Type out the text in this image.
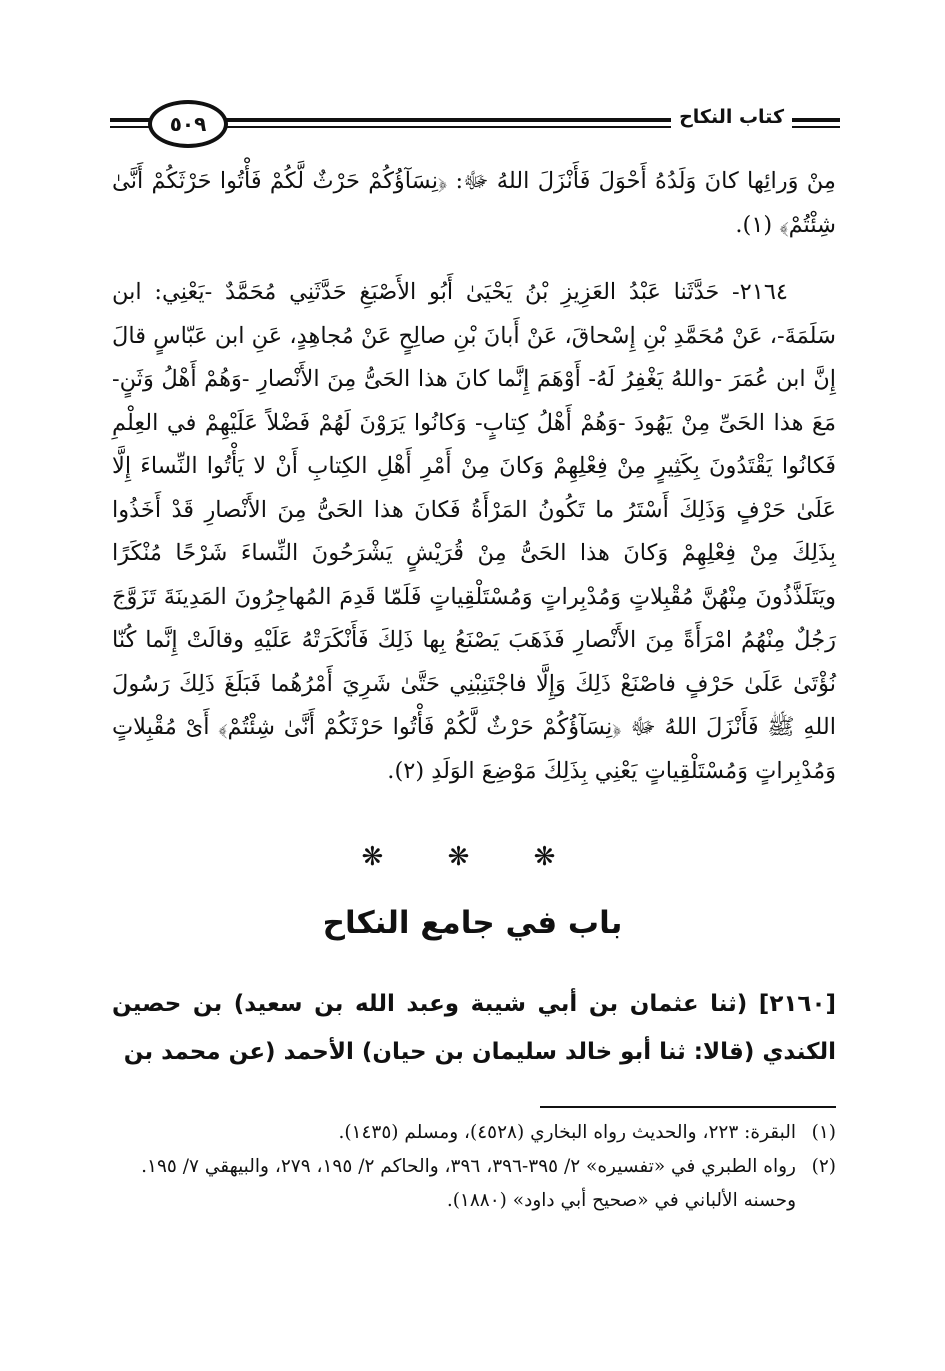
٥٠٩	كتاب النكاح

مِنْ وَرائِها كانَ وَلَدُهُ أَحْوَلَ فَأَنْزَلَ اللهُ ﷻ: ﴿نِسَآؤُكُمْ حَرْثٌ لَّكُمْ فَأْتُوا حَرْثَكُمْ أَنَّىٰ شِئْتُمْ﴾ (١).

٢١٦٤- حَدَّثَنا عَبْدُ العَزِيزِ بْنُ يَحْيَىٰ أَبُو الأَصْبَغِ حَدَّثَنِي مُحَمَّدٌ -يَعْنِي: ابن سَلَمَةَ-، عَنْ مُحَمَّدِ بْنِ إِسْحاقَ، عَنْ أَبانَ بْنِ صالِحٍ عَنْ مُجاهِدٍ، عَنِ ابن عَبّاسٍ قالَ إِنَّ ابن عُمَرَ -واللهُ يَغْفِرُ لَهُ- أَوْهَمَ إِنَّما كانَ هذا الحَىُّ مِنَ الأَنْصارِ -وَهُمْ أَهْلُ وَثَنٍ- مَعَ هذا الحَىِّ مِنْ يَهُودَ -وَهُمْ أَهْلُ كِتابٍ- وَكانُوا يَرَوْنَ لَهُمْ فَضْلاً عَلَيْهِمْ في العِلْمِ فَكانُوا يَقْتَدُونَ بِكَثِيرٍ مِنْ فِعْلِهِمْ وَكانَ مِنْ أَمْرِ أَهْلِ الكِتابِ أَنْ لا يَأْتُوا النِّساءَ إِلَّا عَلَىٰ حَرْفٍ وَذَلِكَ أَسْتَرُ ما تَكُونُ المَرْأَةُ فَكانَ هذا الحَىُّ مِنَ الأَنْصارِ قَدْ أَخَذُوا بِذَلِكَ مِنْ فِعْلِهِمْ وَكانَ هذا الحَىُّ مِنْ قُرَيْشٍ يَشْرَحُونَ النِّساءَ شَرْحًا مُنْكَرًا ويَتَلَذَّذُونَ مِنْهُنَّ مُقْبِلاتٍ وَمُدْبِراتٍ وَمُسْتَلْقِياتٍ فَلَمّا قَدِمَ المُهاجِرُونَ المَدِينَةَ تَزَوَّجَ رَجُلٌ مِنْهُمُ امْرَأَةً مِنَ الأَنْصارِ فَذَهَبَ يَصْنَعُ بِها ذَلِكَ فَأَنْكَرَتْهُ عَلَيْهِ وقالَتْ إِنَّما كُنّا نُؤْتَىٰ عَلَىٰ حَرْفٍ فاصْنَعْ ذَلِكَ وَإِلَّا فاجْتَنِبْنِي حَتَّىٰ شَرِيَ أَمْرُهُما فَبَلَغَ ذَلِكَ رَسُولَ اللهِ ﷺ فَأَنْزَلَ اللهُ ﷻ ﴿نِسَآؤُكُمْ حَرْثٌ لَّكُمْ فَأْتُوا حَرْثَكُمْ أَنَّىٰ شِئْتُمْ﴾ أَىْ مُقْبِلاتٍ وَمُدْبِراتٍ وَمُسْتَلْقِياتٍ يَعْنِي بِذَلِكَ مَوْضِعَ الوَلَدِ (٢).

❋ ❋ ❋
باب في جامع النكاح
[٢١٦٠] (ثنا عثمان بن أبي شيبة وعبد الله بن سعيد) بن حصين الكندي (قالا: ثنا أبو خالد سليمان بن حيان) الأحمد (عن محمد بن

(١)
البقرة: ٢٢٣، والحديث رواه البخاري (٤٥٢٨)، ومسلم (١٤٣٥).

(٢)
رواه الطبري في «تفسيره» ٢/ ٣٩٥-٣٩٦، ٣٩٦، والحاكم ٢/ ١٩٥، ٢٧٩، والبيهقي ٧/ ١٩٥.

وحسنه الألباني في «صحيح أبي داود» (١٨٨٠).
